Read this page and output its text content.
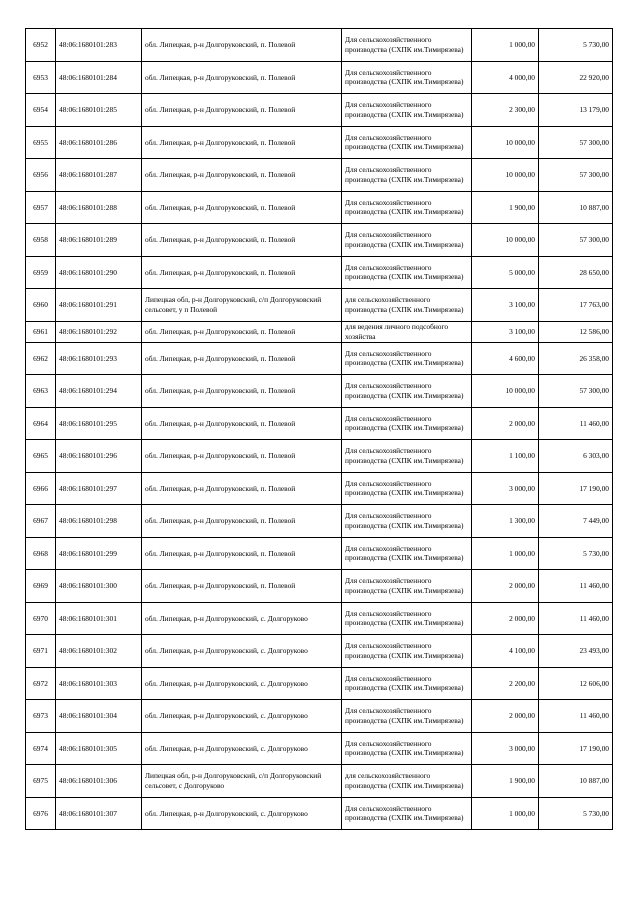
6952	48:06:1680101:283	обл. Липецкая, р-н Долгоруковский, п. Полевой	Для сельскохозяйственного производства (СХПК им.Тимирязева)	1 000,00	5 730,00
6953	48:06:1680101:284	обл. Липецкая, р-н Долгоруковский, п. Полевой	Для сельскохозяйственного производства (СХПК им.Тимирязева)	4 000,00	22 920,00
6954	48:06:1680101:285	обл. Липецкая, р-н Долгоруковский, п. Полевой	Для сельскохозяйственного производства (СХПК им.Тимирязева)	2 300,00	13 179,00
6955	48:06:1680101:286	обл. Липецкая, р-н Долгоруковский, п. Полевой	Для сельскохозяйственного производства (СХПК им.Тимирязева)	10 000,00	57 300,00
6956	48:06:1680101:287	обл. Липецкая, р-н Долгоруковский, п. Полевой	Для сельскохозяйственного производства (СХПК им.Тимирязева)	10 000,00	57 300,00
6957	48:06:1680101:288	обл. Липецкая, р-н Долгоруковский, п. Полевой	Для сельскохозяйственного производства (СХПК им.Тимирязева)	1 900,00	10 887,00
6958	48:06:1680101:289	обл. Липецкая, р-н Долгоруковский, п. Полевой	Для сельскохозяйственного производства (СХПК им.Тимирязева)	10 000,00	57 300,00
6959	48:06:1680101:290	обл. Липецкая, р-н Долгоруковский, п. Полевой	Для сельскохозяйственного производства (СХПК им.Тимирязева)	5 000,00	28 650,00
6960	48:06:1680101:291	Липецкая обл, р-н Долгоруковский, с/п Долгоруковский сельсовет, у п Полевой	для сельскохозяйственного производства (СХПК им.Тимирязева)	3 100,00	17 763,00
6961	48:06:1680101:292	обл. Липецкая, р-н Долгоруковский, п. Полевой	для ведения личного подсобного хозяйства	3 100,00	12 586,00
6962	48:06:1680101:293	обл. Липецкая, р-н Долгоруковский, п. Полевой	Для сельскохозяйственного производства (СХПК им.Тимирязева)	4 600,00	26 358,00
6963	48:06:1680101:294	обл. Липецкая, р-н Долгоруковский, п. Полевой	Для сельскохозяйственного производства (СХПК им.Тимирязева)	10 000,00	57 300,00
6964	48:06:1680101:295	обл. Липецкая, р-н Долгоруковский, п. Полевой	Для сельскохозяйственного производства (СХПК им.Тимирязева)	2 000,00	11 460,00
6965	48:06:1680101:296	обл. Липецкая, р-н Долгоруковский, п. Полевой	Для сельскохозяйственного производства (СХПК им.Тимирязева)	1 100,00	6 303,00
6966	48:06:1680101:297	обл. Липецкая, р-н Долгоруковский, п. Полевой	Для сельскохозяйственного производства (СХПК им.Тимирязева)	3 000,00	17 190,00
6967	48:06:1680101:298	обл. Липецкая, р-н Долгоруковский, п. Полевой	Для сельскохозяйственного производства (СХПК им.Тимирязева)	1 300,00	7 449,00
6968	48:06:1680101:299	обл. Липецкая, р-н Долгоруковский, п. Полевой	Для сельскохозяйственного производства (СХПК им.Тимирязева)	1 000,00	5 730,00
6969	48:06:1680101:300	обл. Липецкая, р-н Долгоруковский, п. Полевой	Для сельскохозяйственного производства (СХПК им.Тимирязева)	2 000,00	11 460,00
6970	48:06:1680101:301	обл. Липецкая, р-н Долгоруковский, с. Долгоруково	Для сельскохозяйственного производства (СХПК им.Тимирязева)	2 000,00	11 460,00
6971	48:06:1680101:302	обл. Липецкая, р-н Долгоруковский, с. Долгоруково	Для сельскохозяйственного производства (СХПК им.Тимирязева)	4 100,00	23 493,00
6972	48:06:1680101:303	обл. Липецкая, р-н Долгоруковский, с. Долгоруково	Для сельскохозяйственного производства (СХПК им.Тимирязева)	2 200,00	12 606,00
6973	48:06:1680101:304	обл. Липецкая, р-н Долгоруковский, с. Долгоруково	Для сельскохозяйственного производства (СХПК им.Тимирязева)	2 000,00	11 460,00
6974	48:06:1680101:305	обл. Липецкая, р-н Долгоруковский, с. Долгоруково	Для сельскохозяйственного производства (СХПК им.Тимирязева)	3 000,00	17 190,00
6975	48:06:1680101:306	Липецкая обл, р-н Долгоруковский, с/п Долгоруковский сельсовет, с Долгоруково	для сельскохозяйственного производства (СХПК им.Тимирязева)	1 900,00	10 887,00
6976	48:06:1680101:307	обл. Липецкая, р-н Долгоруковский, с. Долгоруково	Для сельскохозяйственного производства (СХПК им.Тимирязева)	1 000,00	5 730,00
